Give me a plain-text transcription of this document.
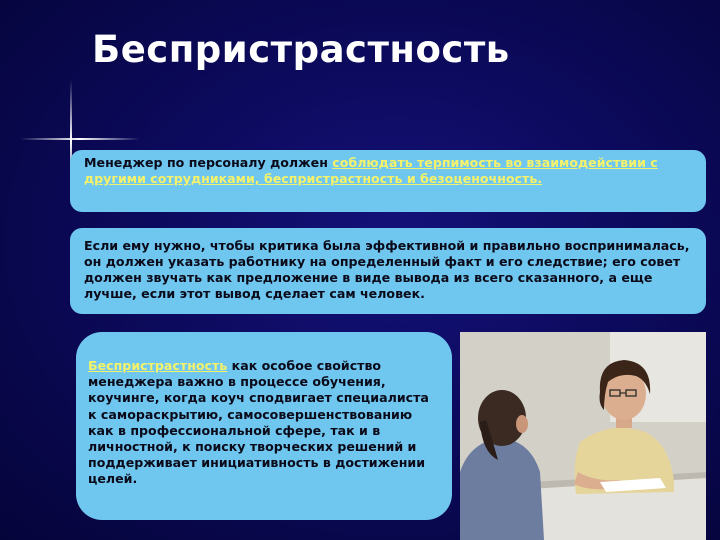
Беспристрастность
Менеджер по персоналу должен соблюдать терпимость во взаимодействии с другими сотрудниками, беспристрастность и безоценочность.
Если ему нужно, чтобы критика была эффективной и правильно воспринималась, он должен указать работнику на определенный факт и его следствие; его совет должен звучать как предложение в виде вывода из всего сказанного, а еще лучше, если этот вывод сделает сам человек.
Беспристрастность как особое свойство менеджера важно в процессе обучения, коучинге, когда коуч сподвигает специалиста к самораскрытию, самосовершенствованию как в профессиональной сфере, так и в личностной, к поиску творческих решений и поддерживает инициативность в достижении целей.
